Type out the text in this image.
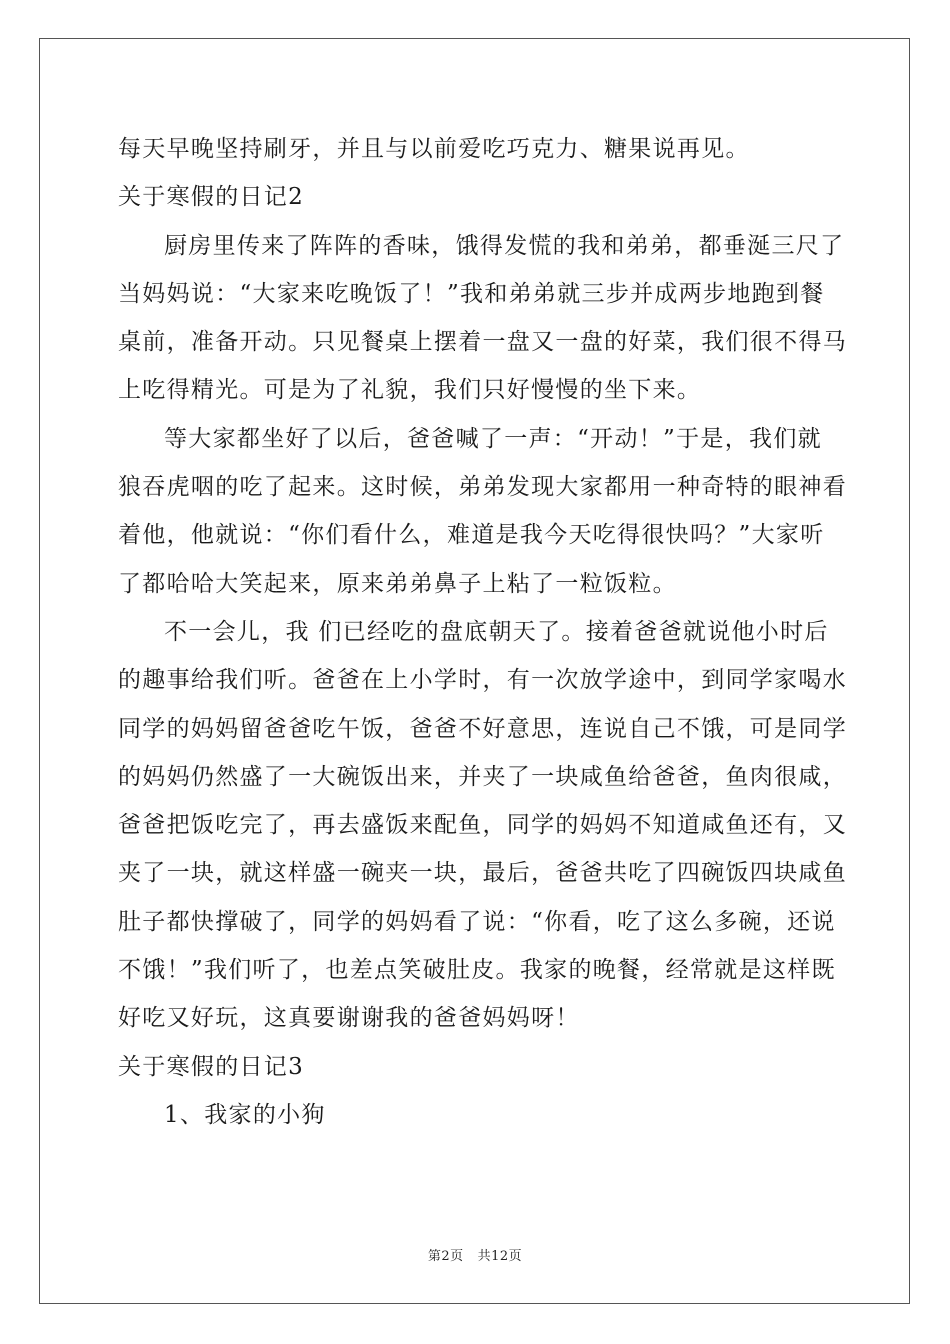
每天早晚坚持刷牙，并且与以前爱吃巧克力、糖果说再见。
关于寒假的日记2
厨房里传来了阵阵的香味，饿得发慌的我和弟弟，都垂涎三尺了
当妈妈说：“大家来吃晚饭了！”我和弟弟就三步并成两步地跑到餐
桌前，准备开动。只见餐桌上摆着一盘又一盘的好菜，我们很不得马
上吃得精光。可是为了礼貌，我们只好慢慢的坐下来。
等大家都坐好了以后，爸爸喊了一声：“开动！”于是，我们就
狼吞虎咽的吃了起来。这时候，弟弟发现大家都用一种奇特的眼神看
着他，他就说：“你们看什么，难道是我今天吃得很快吗？”大家听
了都哈哈大笑起来，原来弟弟鼻子上粘了一粒饭粒。
不一会儿，我 们已经吃的盘底朝天了。接着爸爸就说他小时后
的趣事给我们听。爸爸在上小学时，有一次放学途中，到同学家喝水
同学的妈妈留爸爸吃午饭，爸爸不好意思，连说自己不饿，可是同学
的妈妈仍然盛了一大碗饭出来，并夹了一块咸鱼给爸爸，鱼肉很咸，
爸爸把饭吃完了，再去盛饭来配鱼，同学的妈妈不知道咸鱼还有，又
夹了一块，就这样盛一碗夹一块，最后，爸爸共吃了四碗饭四块咸鱼
肚子都快撑破了，同学的妈妈看了说：“你看，吃了这么多碗，还说
不饿！”我们听了，也差点笑破肚皮。我家的晚餐，经常就是这样既
好吃又好玩，这真要谢谢我的爸爸妈妈呀！
关于寒假的日记3
1、我家的小狗
第2页 共12页
